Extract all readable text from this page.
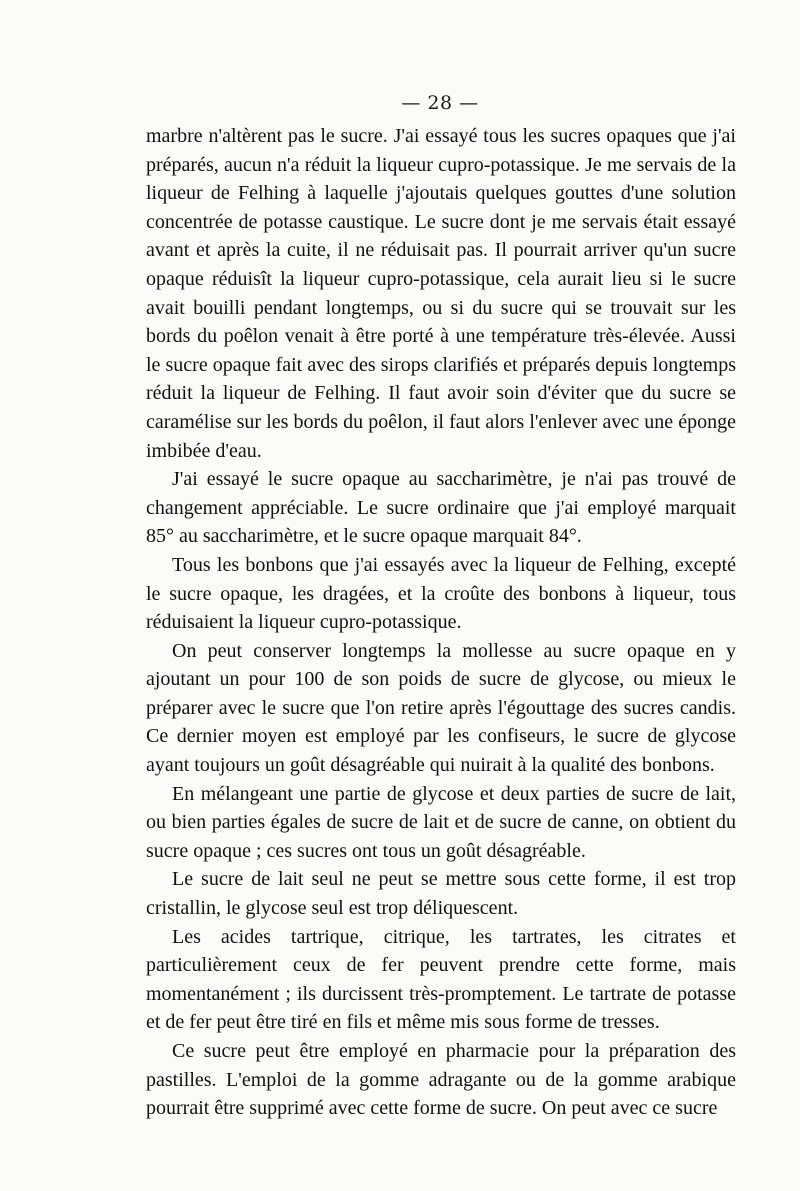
— 28 —

marbre n'altèrent pas le sucre. J'ai essayé tous les sucres opaques que j'ai préparés, aucun n'a réduit la liqueur cupro-potassique. Je me servais de la liqueur de Felhing à laquelle j'ajoutais quelques gouttes d'une solution concentrée de potasse caustique. Le sucre dont je me servais était essayé avant et après la cuite, il ne réduisait pas. Il pourrait arriver qu'un sucre opaque réduisît la liqueur cupro-potassique, cela aurait lieu si le sucre avait bouilli pendant longtemps, ou si du sucre qui se trouvait sur les bords du poêlon venait à être porté à une température très-élevée. Aussi le sucre opaque fait avec des sirops clarifiés et préparés depuis longtemps réduit la liqueur de Felhing. Il faut avoir soin d'éviter que du sucre se caramélise sur les bords du poêlon, il faut alors l'enlever avec une éponge imbibée d'eau.

J'ai essayé le sucre opaque au saccharimètre, je n'ai pas trouvé de changement appréciable. Le sucre ordinaire que j'ai employé marquait 85° au saccharimètre, et le sucre opaque marquait 84°.

Tous les bonbons que j'ai essayés avec la liqueur de Felhing, excepté le sucre opaque, les dragées, et la croûte des bonbons à liqueur, tous réduisaient la liqueur cupro-potassique.

On peut conserver longtemps la mollesse au sucre opaque en y ajoutant un pour 100 de son poids de sucre de glycose, ou mieux le préparer avec le sucre que l'on retire après l'égouttage des sucres candis. Ce dernier moyen est employé par les confiseurs, le sucre de glycose ayant toujours un goût désagréable qui nuirait à la qualité des bonbons.

En mélangeant une partie de glycose et deux parties de sucre de lait, ou bien parties égales de sucre de lait et de sucre de canne, on obtient du sucre opaque ; ces sucres ont tous un goût désagréable.

Le sucre de lait seul ne peut se mettre sous cette forme, il est trop cristallin, le glycose seul est trop déliquescent.

Les acides tartrique, citrique, les tartrates, les citrates et particulièrement ceux de fer peuvent prendre cette forme, mais momentanément ; ils durcissent très-promptement. Le tartrate de potasse et de fer peut être tiré en fils et même mis sous forme de tresses.

Ce sucre peut être employé en pharmacie pour la préparation des pastilles. L'emploi de la gomme adragante ou de la gomme arabique pourrait être supprimé avec cette forme de sucre. On peut avec ce sucre
